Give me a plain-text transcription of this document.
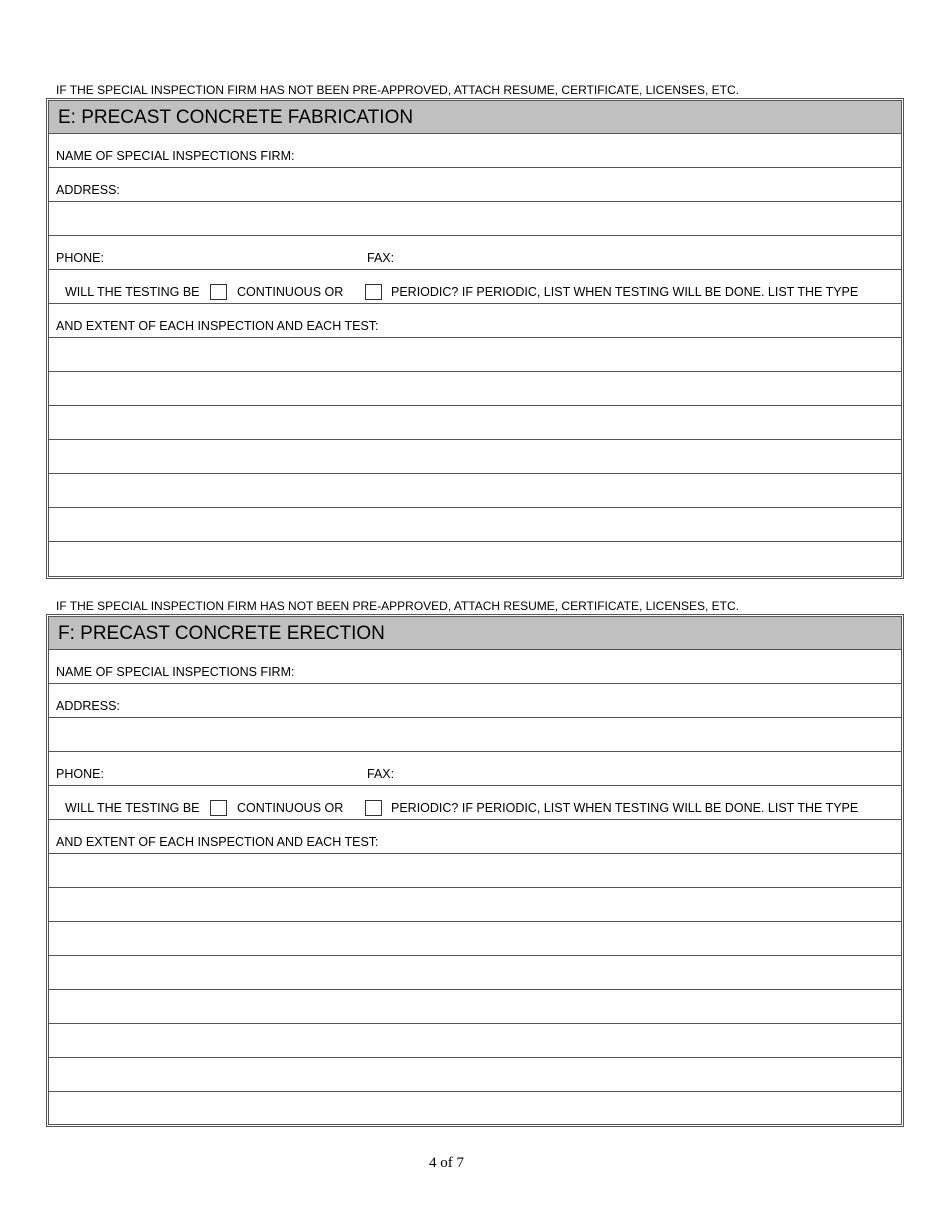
IF THE SPECIAL INSPECTION FIRM HAS NOT BEEN PRE-APPROVED, ATTACH RESUME, CERTIFICATE, LICENSES, ETC.
E: PRECAST CONCRETE FABRICATION
NAME OF SPECIAL INSPECTIONS FIRM:
ADDRESS:
PHONE:	FAX:
WILL THE TESTING BE	CONTINUOUS OR	PERIODIC? IF PERIODIC, LIST WHEN TESTING WILL BE DONE. LIST THE TYPE
AND EXTENT OF EACH INSPECTION AND EACH TEST:
IF THE SPECIAL INSPECTION FIRM HAS NOT BEEN PRE-APPROVED, ATTACH RESUME, CERTIFICATE, LICENSES, ETC.
F: PRECAST CONCRETE ERECTION
NAME OF SPECIAL INSPECTIONS FIRM:
ADDRESS:
PHONE:	FAX:
WILL THE TESTING BE	CONTINUOUS OR	PERIODIC? IF PERIODIC, LIST WHEN TESTING WILL BE DONE. LIST THE TYPE
AND EXTENT OF EACH INSPECTION AND EACH TEST:
4 of 7
